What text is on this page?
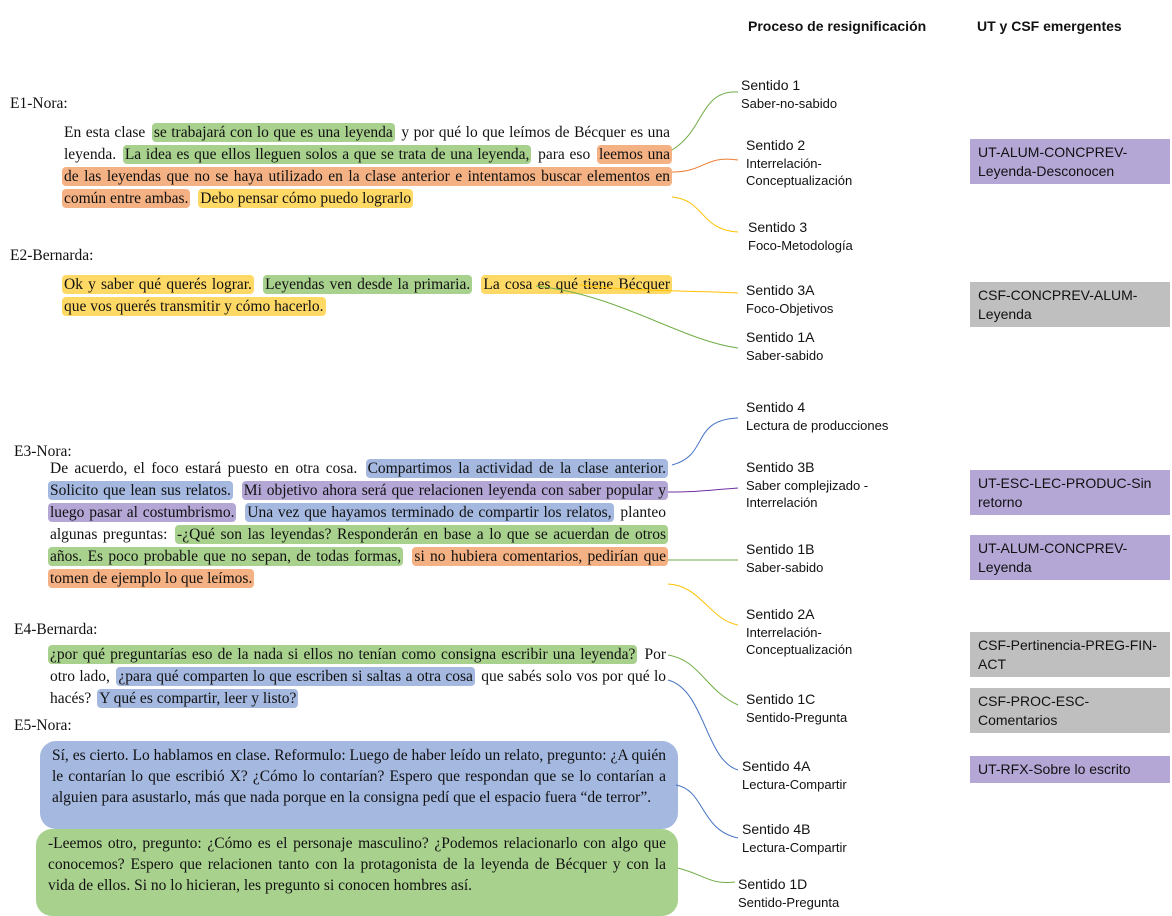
Proceso de resignificación	UT y CSF emergentes
E1-Nora:
E2-Bernarda:
E3-Nora:
E4-Bernarda:
E5-Nora:
En esta clase se trabajará con lo que es una leyenda y por qué lo que leímos de Bécquer es una leyenda. La idea es que ellos lleguen solos a que se trata de una leyenda, para eso leemos una de las leyendas que no se haya utilizado en la clase anterior e intentamos buscar elementos en común entre ambas. Debo pensar cómo puedo lograrlo
Ok y saber qué querés lograr. Leyendas ven desde la primaria. La cosa es qué tiene Bécquer que vos querés transmitir y cómo hacerlo.
De acuerdo, el foco estará puesto en otra cosa. Compartimos la actividad de la clase anterior. Solicito que lean sus relatos. Mi objetivo ahora será que relacionen leyenda con saber popular y luego pasar al costumbrismo. Una vez que hayamos terminado de compartir los relatos, planteo algunas preguntas: -¿Qué son las leyendas? Responderán en base a lo que se acuerdan de otros años. Es poco probable que no sepan, de todas formas, si no hubiera comentarios, pedirían que tomen de ejemplo lo que leímos.
¿por qué preguntarías eso de la nada si ellos no tenían como consigna escribir una leyenda? Por otro lado, ¿para qué comparten lo que escriben si saltas a otra cosa que sabés solo vos por qué lo hacés? Y qué es compartir, leer y listo?
Sí, es cierto. Lo hablamos en clase. Reformulo: Luego de haber leído un relato, pregunto: ¿A quién le contarían lo que escribió X? ¿Cómo lo contarían? Espero que respondan que se lo contarían a alguien para asustarlo, más que nada porque en la consigna pedí que el espacio fuera “de terror”.
-Leemos otro, pregunto: ¿Cómo es el personaje masculino? ¿Podemos relacionarlo con algo que conocemos? Espero que relacionen tanto con la protagonista de la leyenda de Bécquer y con la vida de ellos. Si no lo hicieran, les pregunto si conocen hombres así.
Sentido 1
Saber-no-sabido
Sentido 2
Interrelación-Conceptualización
Sentido 3
Foco-Metodología
Sentido 3A
Foco-Objetivos
Sentido 1A
Saber-sabido
Sentido 4
Lectura de producciones
Sentido 3B
Saber complejizado - Interrelación
Sentido 1B
Saber-sabido
Sentido 2A
Interrelación-Conceptualización
Sentido 1C
Sentido-Pregunta
Sentido 4A
Lectura-Compartir
Sentido 4B
Lectura-Compartir
Sentido 1D
Sentido-Pregunta
UT-ALUM-CONCPREV-Leyenda-Desconocen
CSF-CONCPREV-ALUM-Leyenda
UT-ESC-LEC-PRODUC-Sin retorno
UT-ALUM-CONCPREV-Leyenda
CSF-Pertinencia-PREG-FIN-ACT
CSF-PROC-ESC-Comentarios
UT-RFX-Sobre lo escrito
